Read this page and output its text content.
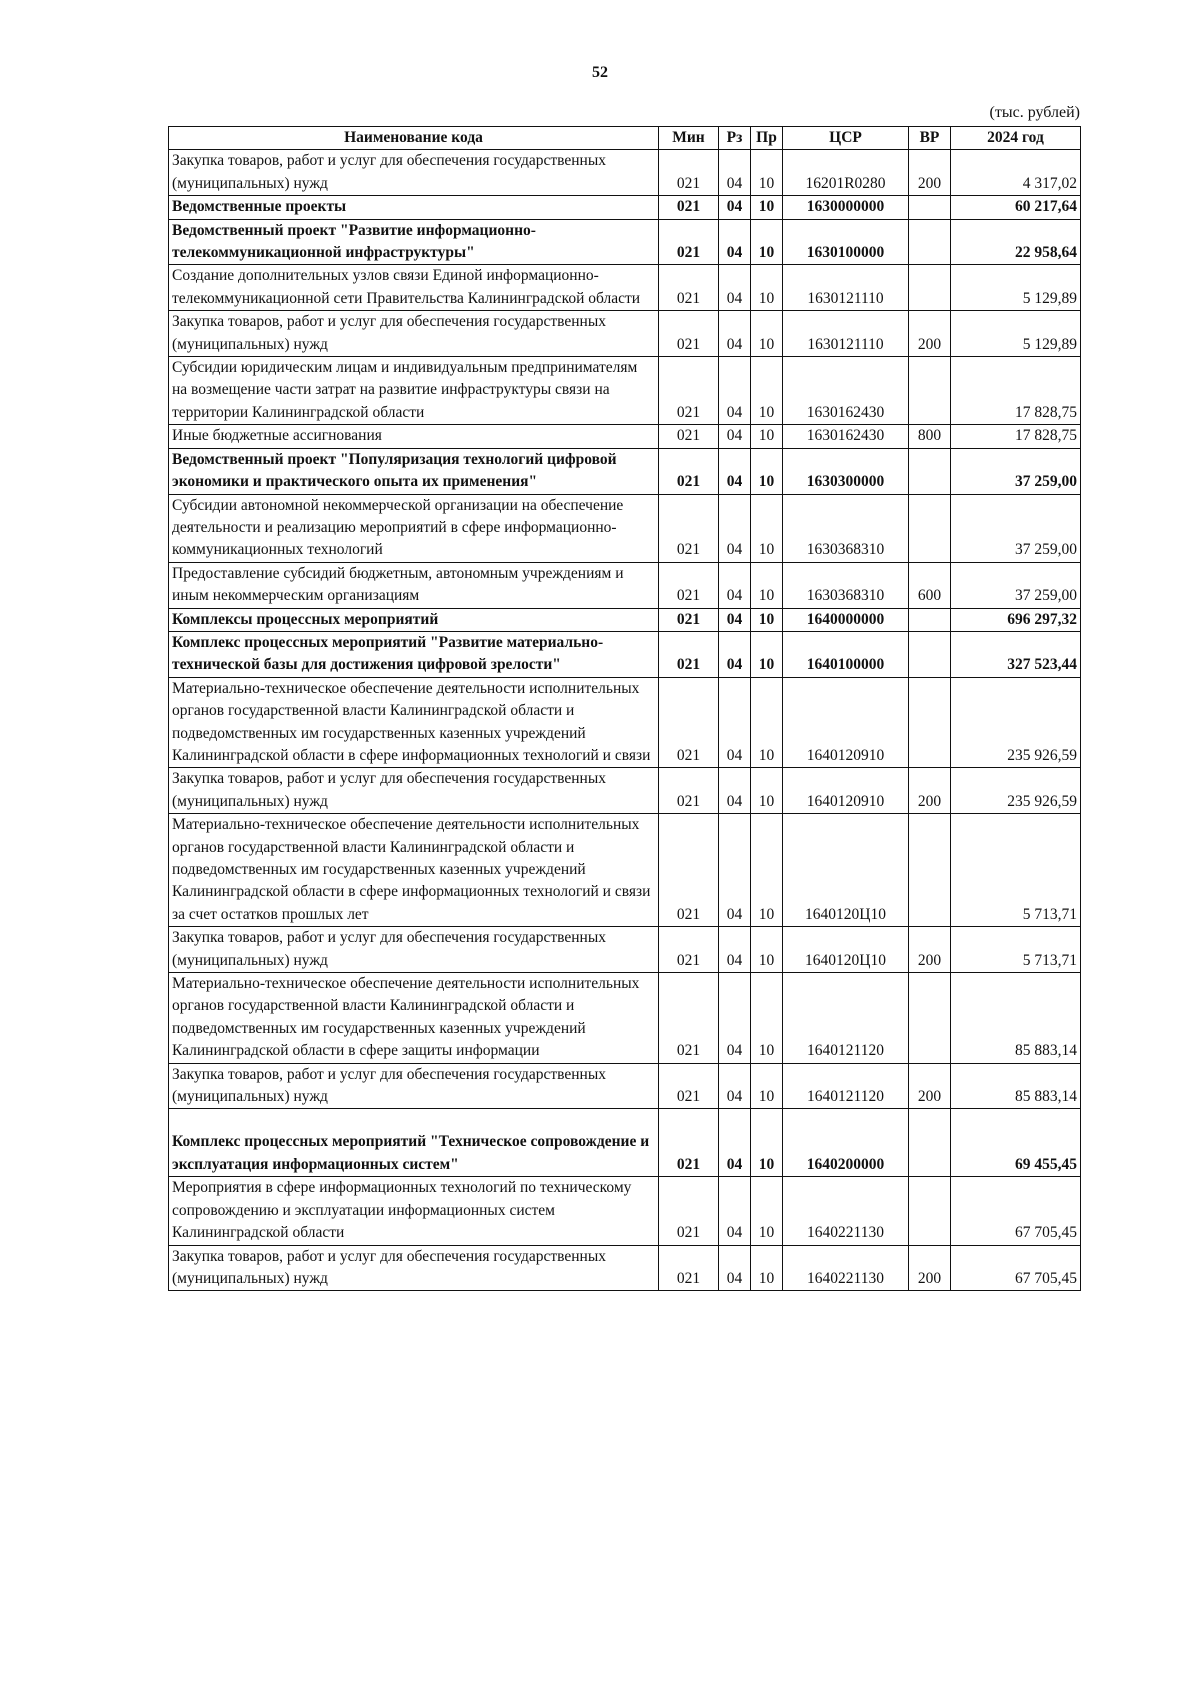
52
(тыс. рублей)
Наименование кода	Мин	Рз	Пр	ЦСР	ВР	2024 год
Закупка товаров, работ и услуг для обеспечения государственных (муниципальных) нужд	021	04	10	16201R0280	200	4 317,02
Ведомственные проекты	021	04	10	1630000000		60 217,64
Ведомственный проект "Развитие информационно-телекоммуникационной инфраструктуры"	021	04	10	1630100000		22 958,64
Создание дополнительных узлов связи Единой информационно-телекоммуникационной сети Правительства Калининградской области	021	04	10	1630121110		5 129,89
Закупка товаров, работ и услуг для обеспечения государственных (муниципальных) нужд	021	04	10	1630121110	200	5 129,89
Субсидии юридическим лицам и индивидуальным предпринимателям на возмещение части затрат на развитие инфраструктуры связи на территории Калининградской области	021	04	10	1630162430		17 828,75
Иные бюджетные ассигнования	021	04	10	1630162430	800	17 828,75
Ведомственный проект "Популяризация технологий цифровой экономики и практического опыта их применения"	021	04	10	1630300000		37 259,00
Субсидии автономной некоммерческой организации на обеспечение деятельности и реализацию мероприятий в сфере информационно-коммуникационных технологий	021	04	10	1630368310		37 259,00
Предоставление субсидий бюджетным, автономным учреждениям и иным некоммерческим организациям	021	04	10	1630368310	600	37 259,00
Комплексы процессных мероприятий	021	04	10	1640000000		696 297,32
Комплекс процессных мероприятий "Развитие материально-технической базы для достижения цифровой зрелости"	021	04	10	1640100000		327 523,44
Материально-техническое обеспечение деятельности исполнительных органов государственной власти Калининградской области и подведомственных им государственных казенных учреждений Калининградской области в сфере информационных технологий и связи	021	04	10	1640120910		235 926,59
Закупка товаров, работ и услуг для обеспечения государственных (муниципальных) нужд	021	04	10	1640120910	200	235 926,59
Материально-техническое обеспечение деятельности исполнительных органов государственной власти Калининградской области и подведомственных им государственных казенных учреждений Калининградской области в сфере информационных технологий и связи за счет остатков прошлых лет	021	04	10	1640120Ц10		5 713,71
Закупка товаров, работ и услуг для обеспечения государственных (муниципальных) нужд	021	04	10	1640120Ц10	200	5 713,71
Материально-техническое обеспечение деятельности исполнительных органов государственной власти Калининградской области и подведомственных им государственных казенных учреждений Калининградской области в сфере защиты информации	021	04	10	1640121120		85 883,14
Закупка товаров, работ и услуг для обеспечения государственных (муниципальных) нужд	021	04	10	1640121120	200	85 883,14
Комплекс процессных мероприятий "Техническое сопровождение и эксплуатация информационных систем"	021	04	10	1640200000		69 455,45
Мероприятия в сфере информационных технологий по техническому сопровождению и эксплуатации информационных систем Калининградской области	021	04	10	1640221130		67 705,45
Закупка товаров, работ и услуг для обеспечения государственных (муниципальных) нужд	021	04	10	1640221130	200	67 705,45
